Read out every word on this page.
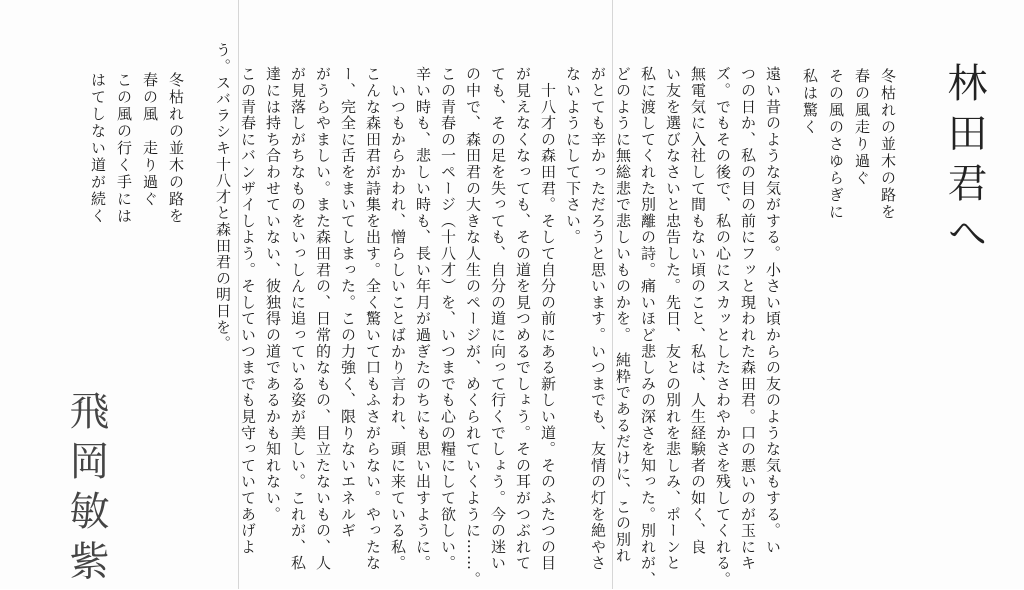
林田君へ
冬枯れの並木の路を
春の風走り過ぐ
その風のさゆらぎに
私は驚く
遠い昔のような気がする。小さい頃からの友のような気もする。い
つの日か、私の目の前にフッと現われた森田君。口の悪いのが玉にキ
ズ。でもその後で、私の心にスカッとしたさわやかさを残してくれる。
無電気に入社して間もない頃のこと、私は、人生経験者の如く、良
い友を選びなさいと忠告した。先日、友との別れを悲しみ、ポーンと
私に渡してくれた別離の詩。痛いほど悲しみの深さを知った。別れが、
どのように無総悲で悲しいものかを。　純粋であるだけに、この別れ
がとても辛かっただろうと思います。いつまでも、友情の灯を絶やさ
ないようにして下さい。
　十八才の森田君。そして自分の前にある新しい道。そのふたつの目
が見えなくなっても、その道を見つめるでしょう。その耳がつぶれて
ても、その足を失っても、自分の道に向って行くでしょう。今の迷い
の中で、森田君の大きな人生のページが、めくられていくように……。
この青春の一ページ（十八才）を、いつまでも心の糧にして欲しい。
辛い時も、悲しい時も、長い年月が過ぎたのちにも思い出すように。
　いつもからかわれ、憎らしいことばかり言われ、頭に来ている私。
こんな森田君が詩集を出す。全く驚いて口もふさがらない。やったな
ー、完全に舌をまいてしまった。この力強く、限りないエネルギ
がうらやましい。また森田君の、日常的なもの、目立たないもの、人
が見落しがちなものをいっしんに追っている姿が美しい。これが、私
達には持ち合わせていない、彼独得の道であるかも知れない。
この青春にバンザイしよう。そしていつまでも見守っていてあげよ
う。スバラシキ十八才と森田君の明日を。
冬枯れの並木の路を
春の風　走り過ぐ
この風の行く手には
はてしない道が続く
飛岡敏紫
